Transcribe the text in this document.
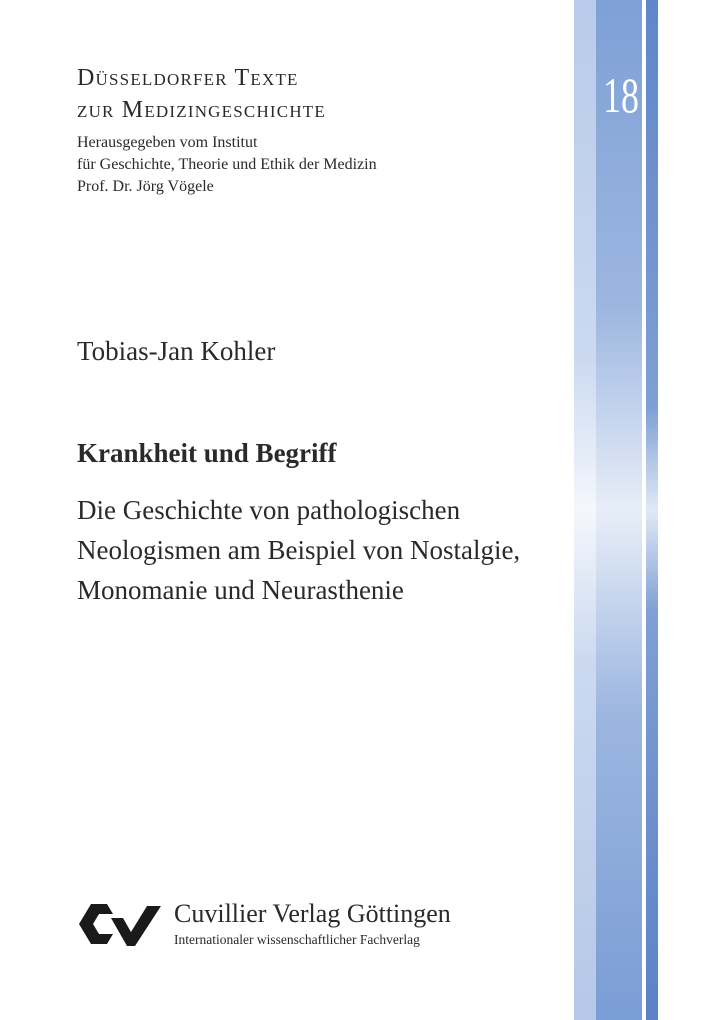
18
Düsseldorfer Texte
zur Medizingeschichte
Herausgegeben vom Institut
für Geschichte, Theorie und Ethik der Medizin
Prof. Dr. Jörg Vögele

Tobias-Jan Kohler

Krankheit und Begriff

Die Geschichte von pathologischen
Neologismen am Beispiel von Nostalgie,
Monomanie und Neurasthenie

Cuvillier Verlag Göttingen
Internationaler wissenschaftlicher Fachverlag
